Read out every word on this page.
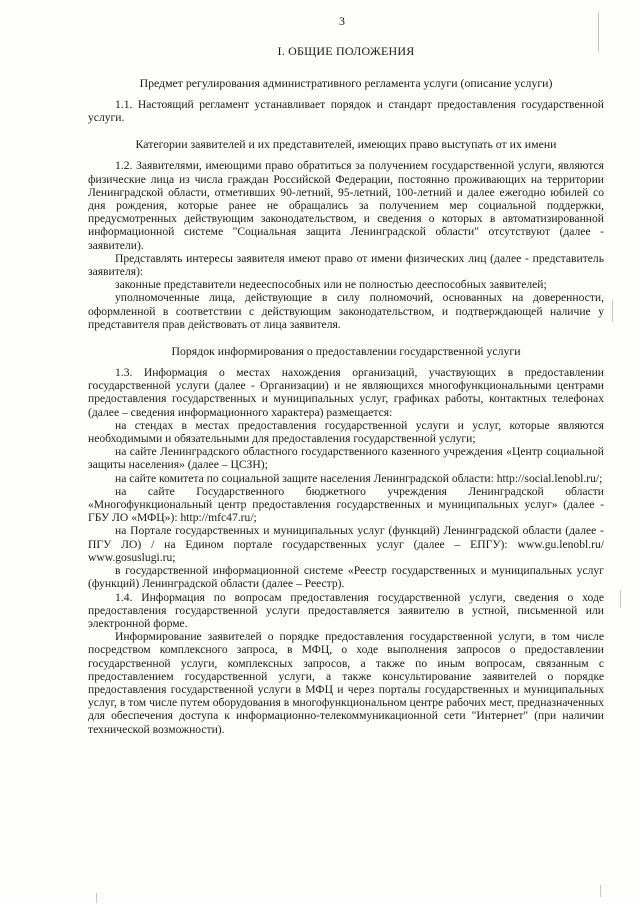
3
I. ОБЩИЕ ПОЛОЖЕНИЯ
Предмет регулирования административного регламента услуги (описание услуги)

1.1. Настоящий регламент устанавливает порядок и стандарт предоставления государственной услуги.

Категории заявителей и их представителей, имеющих право выступать от их имени

1.2. Заявителями, имеющими право обратиться за получением государственной услуги, являются физические лица из числа граждан Российской Федерации, постоянно проживающих на территории Ленинградской области, отметивших 90-летний, 95-летний, 100-летний и далее ежегодно юбилей со дня рождения, которые ранее не обращались за получением мер социальной поддержки, предусмотренных действующим законодательством, и сведения о которых в автоматизированной информационной системе "Социальная защита Ленинградской области" отсутствуют (далее - заявители).

Представлять интересы заявителя имеют право от имени физических лиц (далее - представитель заявителя):

законные представители недееспособных или не полностью дееспособных заявителей;

уполномоченные лица, действующие в силу полномочий, основанных на доверенности, оформленной в соответствии с действующим законодательством, и подтверждающей наличие у представителя прав действовать от лица заявителя.

Порядок информирования о предоставлении государственной услуги

1.3. Информация о местах нахождения организаций, участвующих в предоставлении государственной услуги (далее - Организации) и не являющихся многофункциональными центрами предоставления государственных и муниципальных услуг, графиках работы, контактных телефонах (далее – сведения информационного характера) размещается:

на стендах в местах предоставления государственной услуги и услуг, которые являются необходимыми и обязательными для предоставления государственной услуги;

на сайте Ленинградского областного государственного казенного учреждения «Центр социальной защиты населения» (далее – ЦСЗН);

на сайте комитета по социальной защите населения Ленинградской области: http://social.lenobl.ru/;

на сайте Государственного бюджетного учреждения Ленинградской области «Многофункциональный центр предоставления государственных и муниципальных услуг» (далее - ГБУ ЛО «МФЦ»): http://mfc47.ru/;

на Портале государственных и муниципальных услуг (функций) Ленинградской области (далее - ПГУ ЛО) / на Едином портале государственных услуг (далее – ЕПГУ): www.gu.lenobl.ru/ www.gosuslugi.ru;

в государственной информационной системе «Реестр государственных и муниципальных услуг (функций) Ленинградской области (далее – Реестр).

1.4. Информация по вопросам предоставления государственной услуги, сведения о ходе предоставления государственной услуги предоставляется заявителю в устной, письменной или электронной форме.

Информирование заявителей о порядке предоставления государственной услуги, в том числе посредством комплексного запроса, в МФЦ, о ходе выполнения запросов о предоставлении государственной услуги, комплексных запросов, а также по иным вопросам, связанным с предоставлением государственной услуги, а также консультирование заявителей о порядке предоставления государственной услуги в МФЦ и через порталы государственных и муниципальных услуг, в том числе путем оборудования в многофункциональном центре рабочих мест, предназначенных для обеспечения доступа к информационно-телекоммуникационной сети "Интернет" (при наличии технической возможности).
